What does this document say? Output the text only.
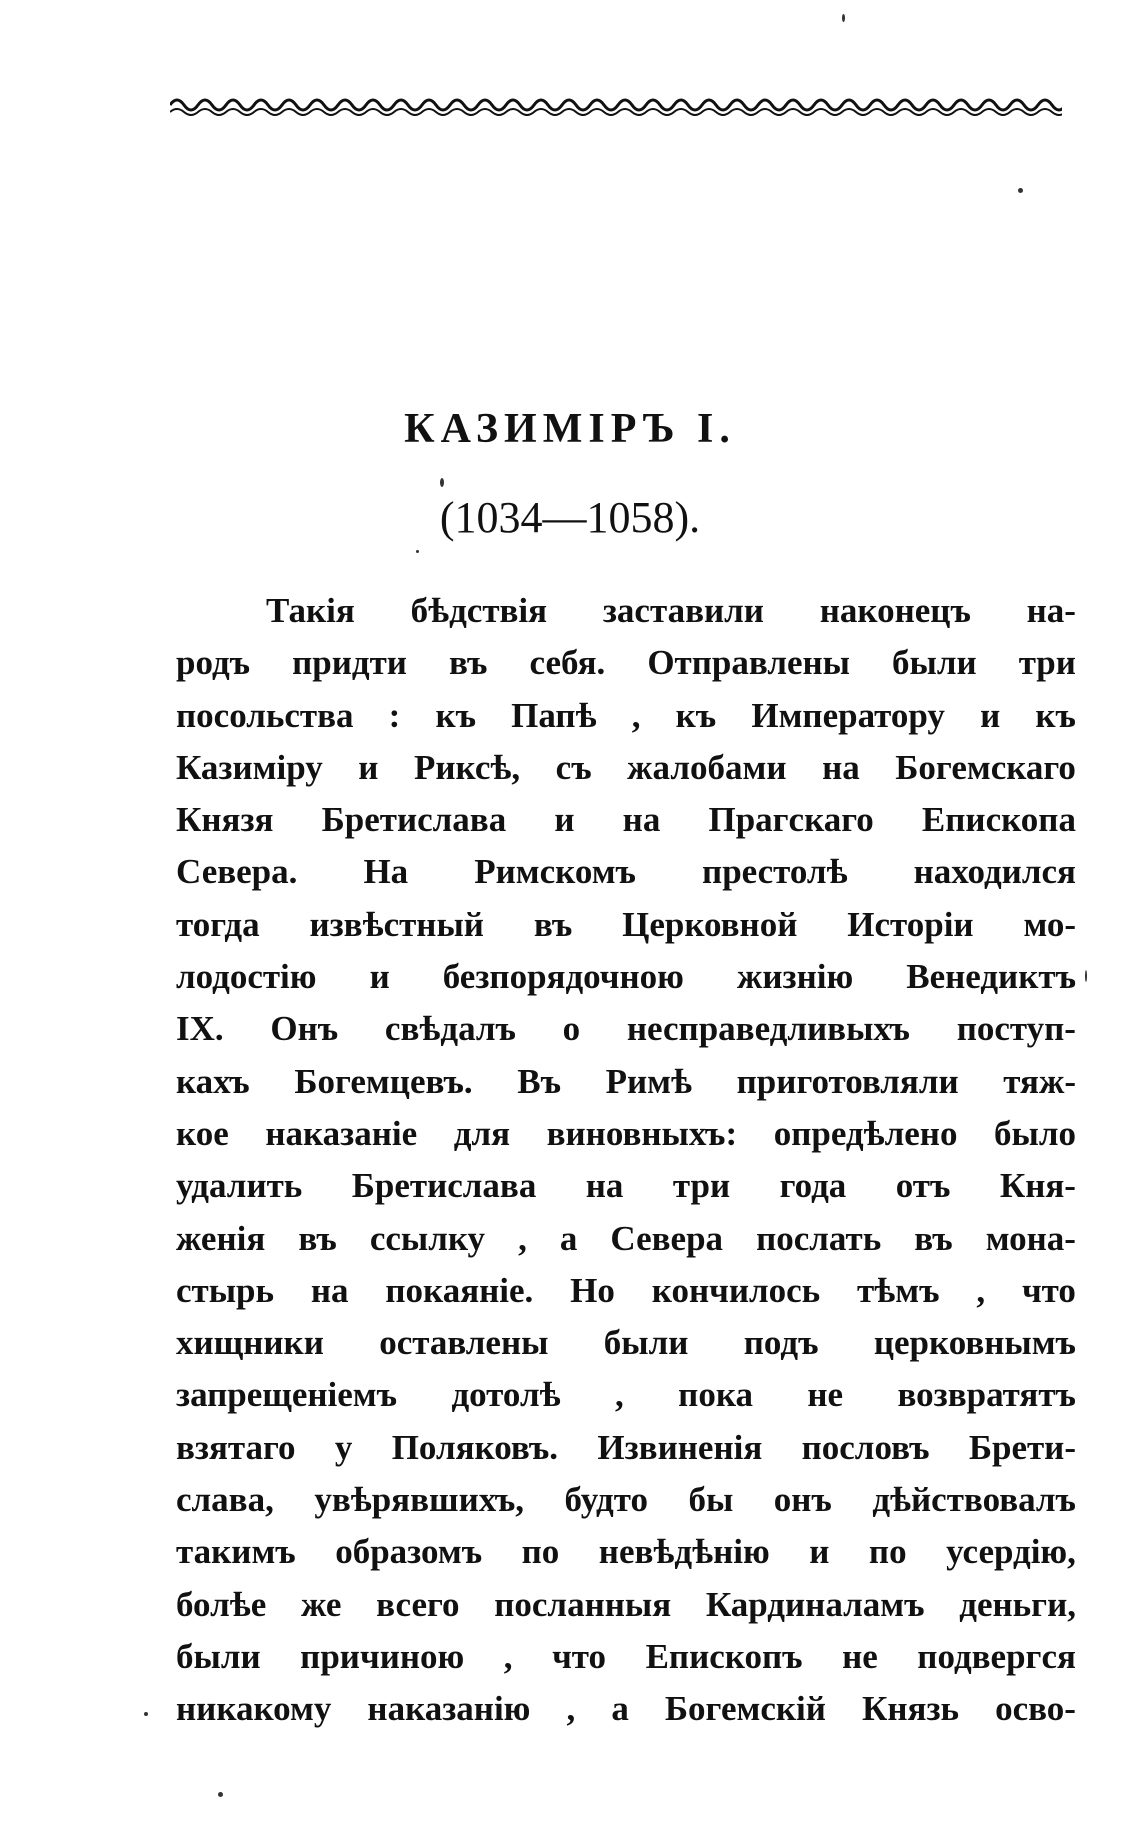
КАЗИМIРЪ I.
(1034—1058).
Такія бѣдствія заставили наконецъ на-
родъ придти въ себя. Отправлены были три
посольства : къ Папѣ , къ Императору и къ
Казиміру и Риксѣ, съ жалобами на Богемскаго
Князя Бретислава и на Прагскаго Епископа
Севера. На Римскомъ престолѣ находился
тогда извѣстный въ Церковной Исторіи мо-
лодостію и безпорядочною жизнію Венедиктъ
IX. Онъ свѣдалъ о несправедливыхъ поступ-
кахъ Богемцевъ. Въ Римѣ приготовляли тяж-
кое наказаніе для виновныхъ: опредѣлено было
удалить Бретислава на три года отъ Кня-
женія въ ссылку , а Севера послать въ мона-
стырь на покаяніе. Но кончилось тѣмъ , что
хищники оставлены были подъ церковнымъ
запрещеніемъ дотолѣ , пока не возвратятъ
взятаго у Поляковъ. Извиненія пословъ Брети-
слава, увѣрявшихъ, будто бы онъ дѣйствовалъ
такимъ образомъ по невѣдѣнію и по усердію,
болѣе же всего посланныя Кардиналамъ деньги,
были причиною , что Епископъ не подвергся
никакому наказанію , а Богемскій Князь осво-
